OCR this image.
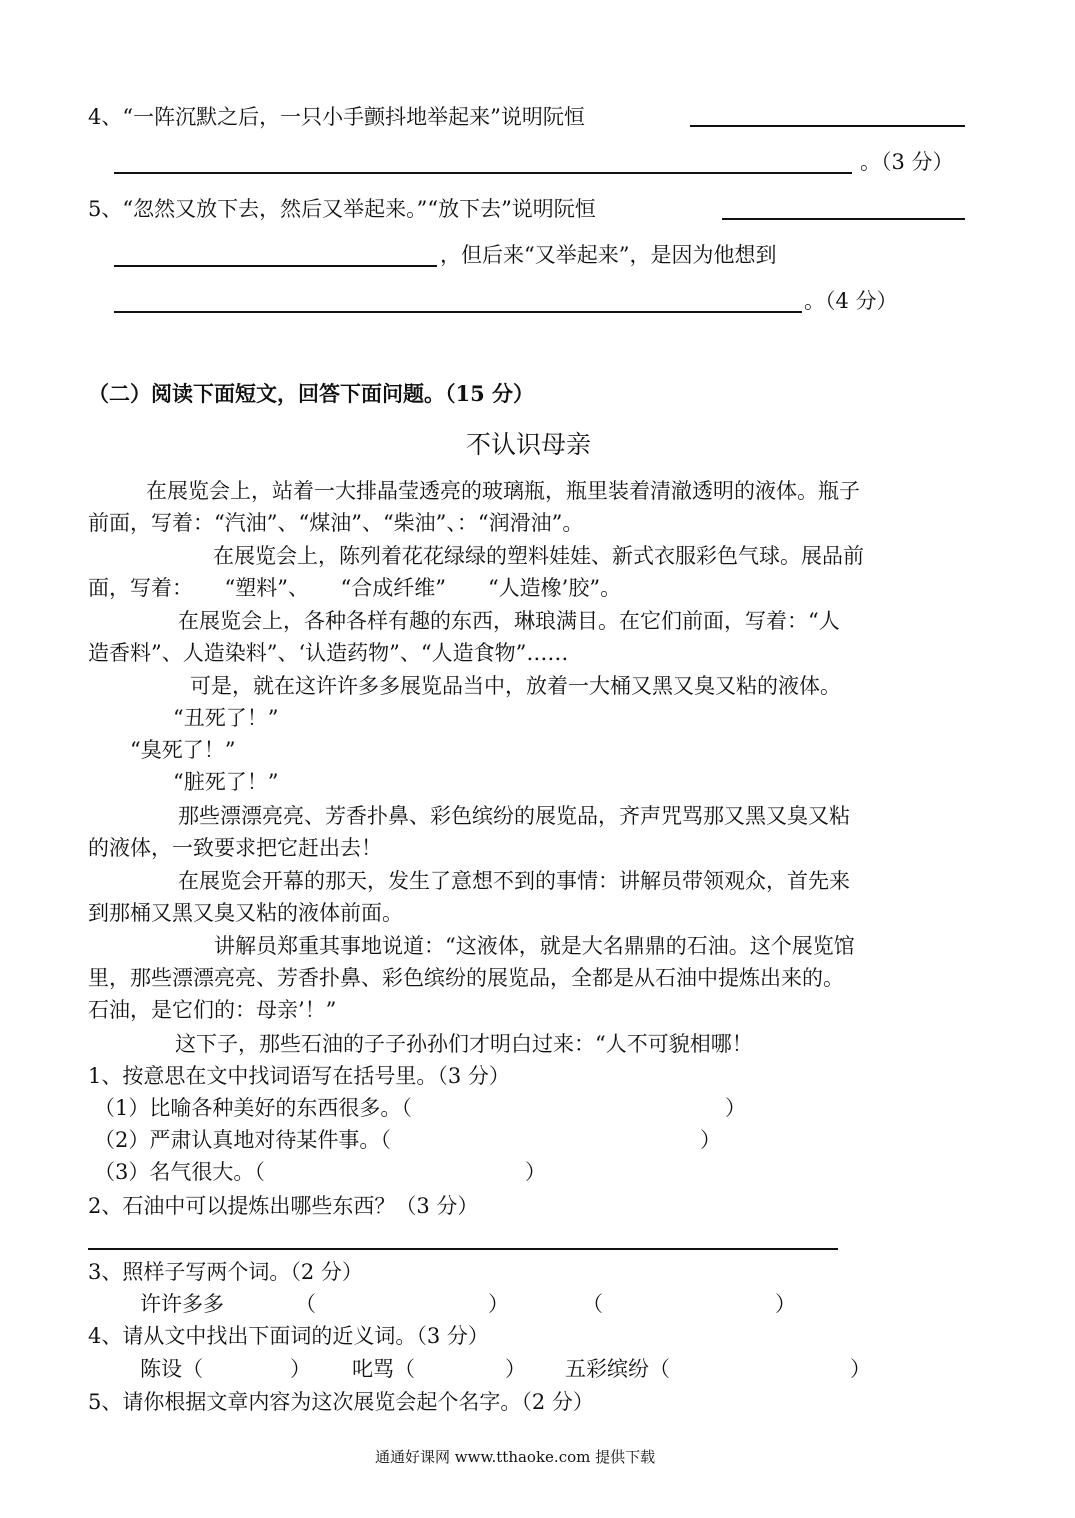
4、“一阵沉默之后，一只小手颤抖地举起来”说明阮恒
。（3 分）
5、“忽然又放下去，然后又举起来。”“放下去”说明阮恒
，但后来“又举起来”，是因为他想到
。（4 分）
（二）阅读下面短文，回答下面问题。（15 分）
不认识母亲
在展览会上，站着一大排晶莹透亮的玻璃瓶，瓶里装着清澈透明的液体。瓶子
前面，写着：“汽油”、“煤油”、“柴油”、：“润滑油”。
在展览会上，陈列着花花绿绿的塑料娃娃、新式衣服彩色气球。展品前
面，写着：　　“塑料”、　　“合成纤维”　　“人造橡’胶”。
在展览会上，各种各样有趣的东西，琳琅满目。在它们前面，写着：“人
造香料”、人造染料”、‘认造药物”、“人造食物”……
可是，就在这许许多多展览品当中，放着一大桶又黑又臭又粘的液体。
“丑死了！”
“臭死了！”
“脏死了！”
那些漂漂亮亮、芳香扑鼻、彩色缤纷的展览品，齐声咒骂那又黑又臭又粘
的液体，一致要求把它赶出去！
在展览会开幕的那天，发生了意想不到的事情：讲解员带领观众，首先来
到那桶又黑又臭又粘的液体前面。
讲解员郑重其事地说道：“这液体，就是大名鼎鼎的石油。这个展览馆
里，那些漂漂亮亮、芳香扑鼻、彩色缤纷的展览品，全都是从石油中提炼出来的。
石油，是它们的：母亲’！”
这下子，那些石油的子子孙孙们才明白过来：“人不可貌相哪！
1、按意思在文中找词语写在括号里。（3 分）
（1）比喻各种美好的东西很多。（	）
（2）严肃认真地对待某件事。（	）
（3）名气很大。（	）
2、石油中可以提炼出哪些东西？（3 分）
3、照样子写两个词。（2 分）
许许多多	（	）	（	）
4、请从文中找出下面词的近义词。（3 分）
陈设（	） 叱骂（	） 五彩缤纷（	）
5、请你根据文章内容为这次展览会起个名字。（2 分）
通通好课网 www.tthaoke.com 提供下载
